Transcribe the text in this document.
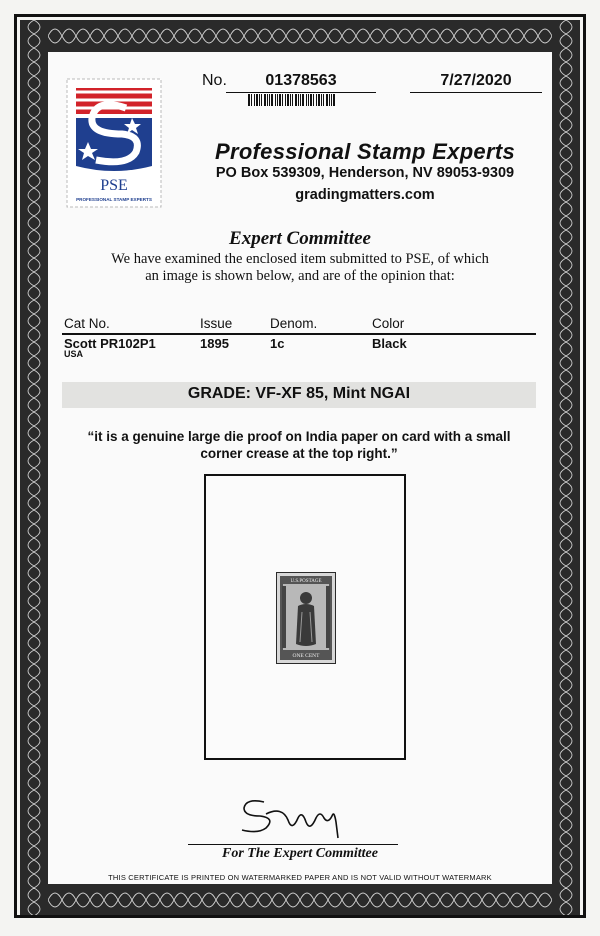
PSE
PROFESSIONAL STAMP EXPERTS
No.	01378563	7/27/2020
Professional Stamp Experts
PO Box 539309, Henderson, NV 89053-9309
gradingmatters.com
Expert Committee
We have examined the enclosed item submitted to PSE, of which
an image is shown below, and are of the opinion that:
Cat No.	Issue	Denom.	Color
Scott PR102P1	1895	1c	Black
USA
GRADE: VF-XF 85, Mint NGAI
“it is a genuine large die proof on India paper on card with a small
corner crease at the top right.”
U.S.POSTAGE
ONE CENT
For The Expert Committee
THIS CERTIFICATE IS PRINTED ON WATERMARKED PAPER AND IS NOT VALID WITHOUT WATERMARK
